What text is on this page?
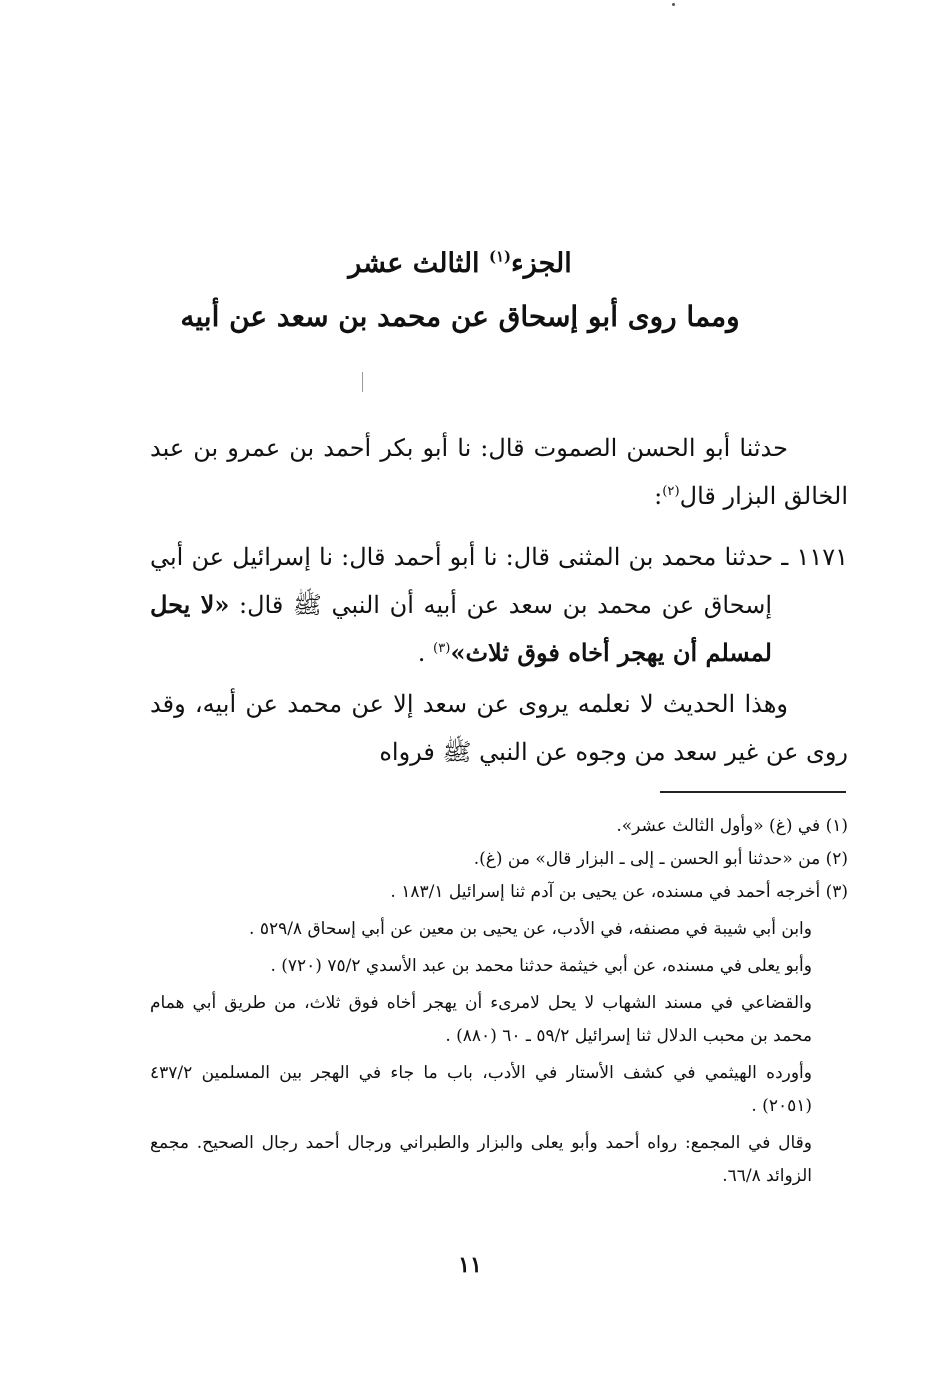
الجزء$^{(١)}$ الثالث عشر
ومما روى أبو إسحاق عن محمد بن سعد عن أبيه
حدثنا أبو الحسن الصموت قال: نا أبو بكر أحمد بن عمرو بن عبد الخالق البزار قال$^{(٢)}$:
١١٧١ ـ حدثنا محمد بن المثنى قال: نا أبو أحمد قال: نا إسرائيل عن أبي إسحاق عن محمد بن سعد عن أبيه أن النبي ﷺ قال: «لا يحل لمسلم أن يهجر أخاه فوق ثلاث»$^{(٣)}$ .
وهذا الحديث لا نعلمه يروى عن سعد إلا عن محمد عن أبيه، وقد روى عن غير سعد من وجوه عن النبي ﷺ فرواه
(١) في (غ) «وأول الثالث عشر».
(٢) من «حدثنا أبو الحسن ـ إلى ـ البزار قال» من (غ).
(٣) أخرجه أحمد في مسنده، عن يحيى بن آدم ثنا إسرائيل ١٨٣/١ .
وابن أبي شيبة في مصنفه، في الأدب، عن يحيى بن معين عن أبي إسحاق ٥٢٩/٨ .
وأبو يعلى في مسنده، عن أبي خيثمة حدثنا محمد بن عبد الأسدي ٧٥/٢ (٧٢٠) .
والقضاعي في مسند الشهاب لا يحل لامرىء أن يهجر أخاه فوق ثلاث، من طريق أبي همام محمد بن محبب الدلال ثنا إسرائيل ٥٩/٢ ـ ٦٠ (٨٨٠) .
وأورده الهيثمي في كشف الأستار في الأدب، باب ما جاء في الهجر بين المسلمين ٤٣٧/٢ (٢٠٥١) .
وقال في المجمع: رواه أحمد وأبو يعلى والبزار والطبراني ورجال أحمد رجال الصحيح. مجمع الزوائد ٦٦/٨.
١١
